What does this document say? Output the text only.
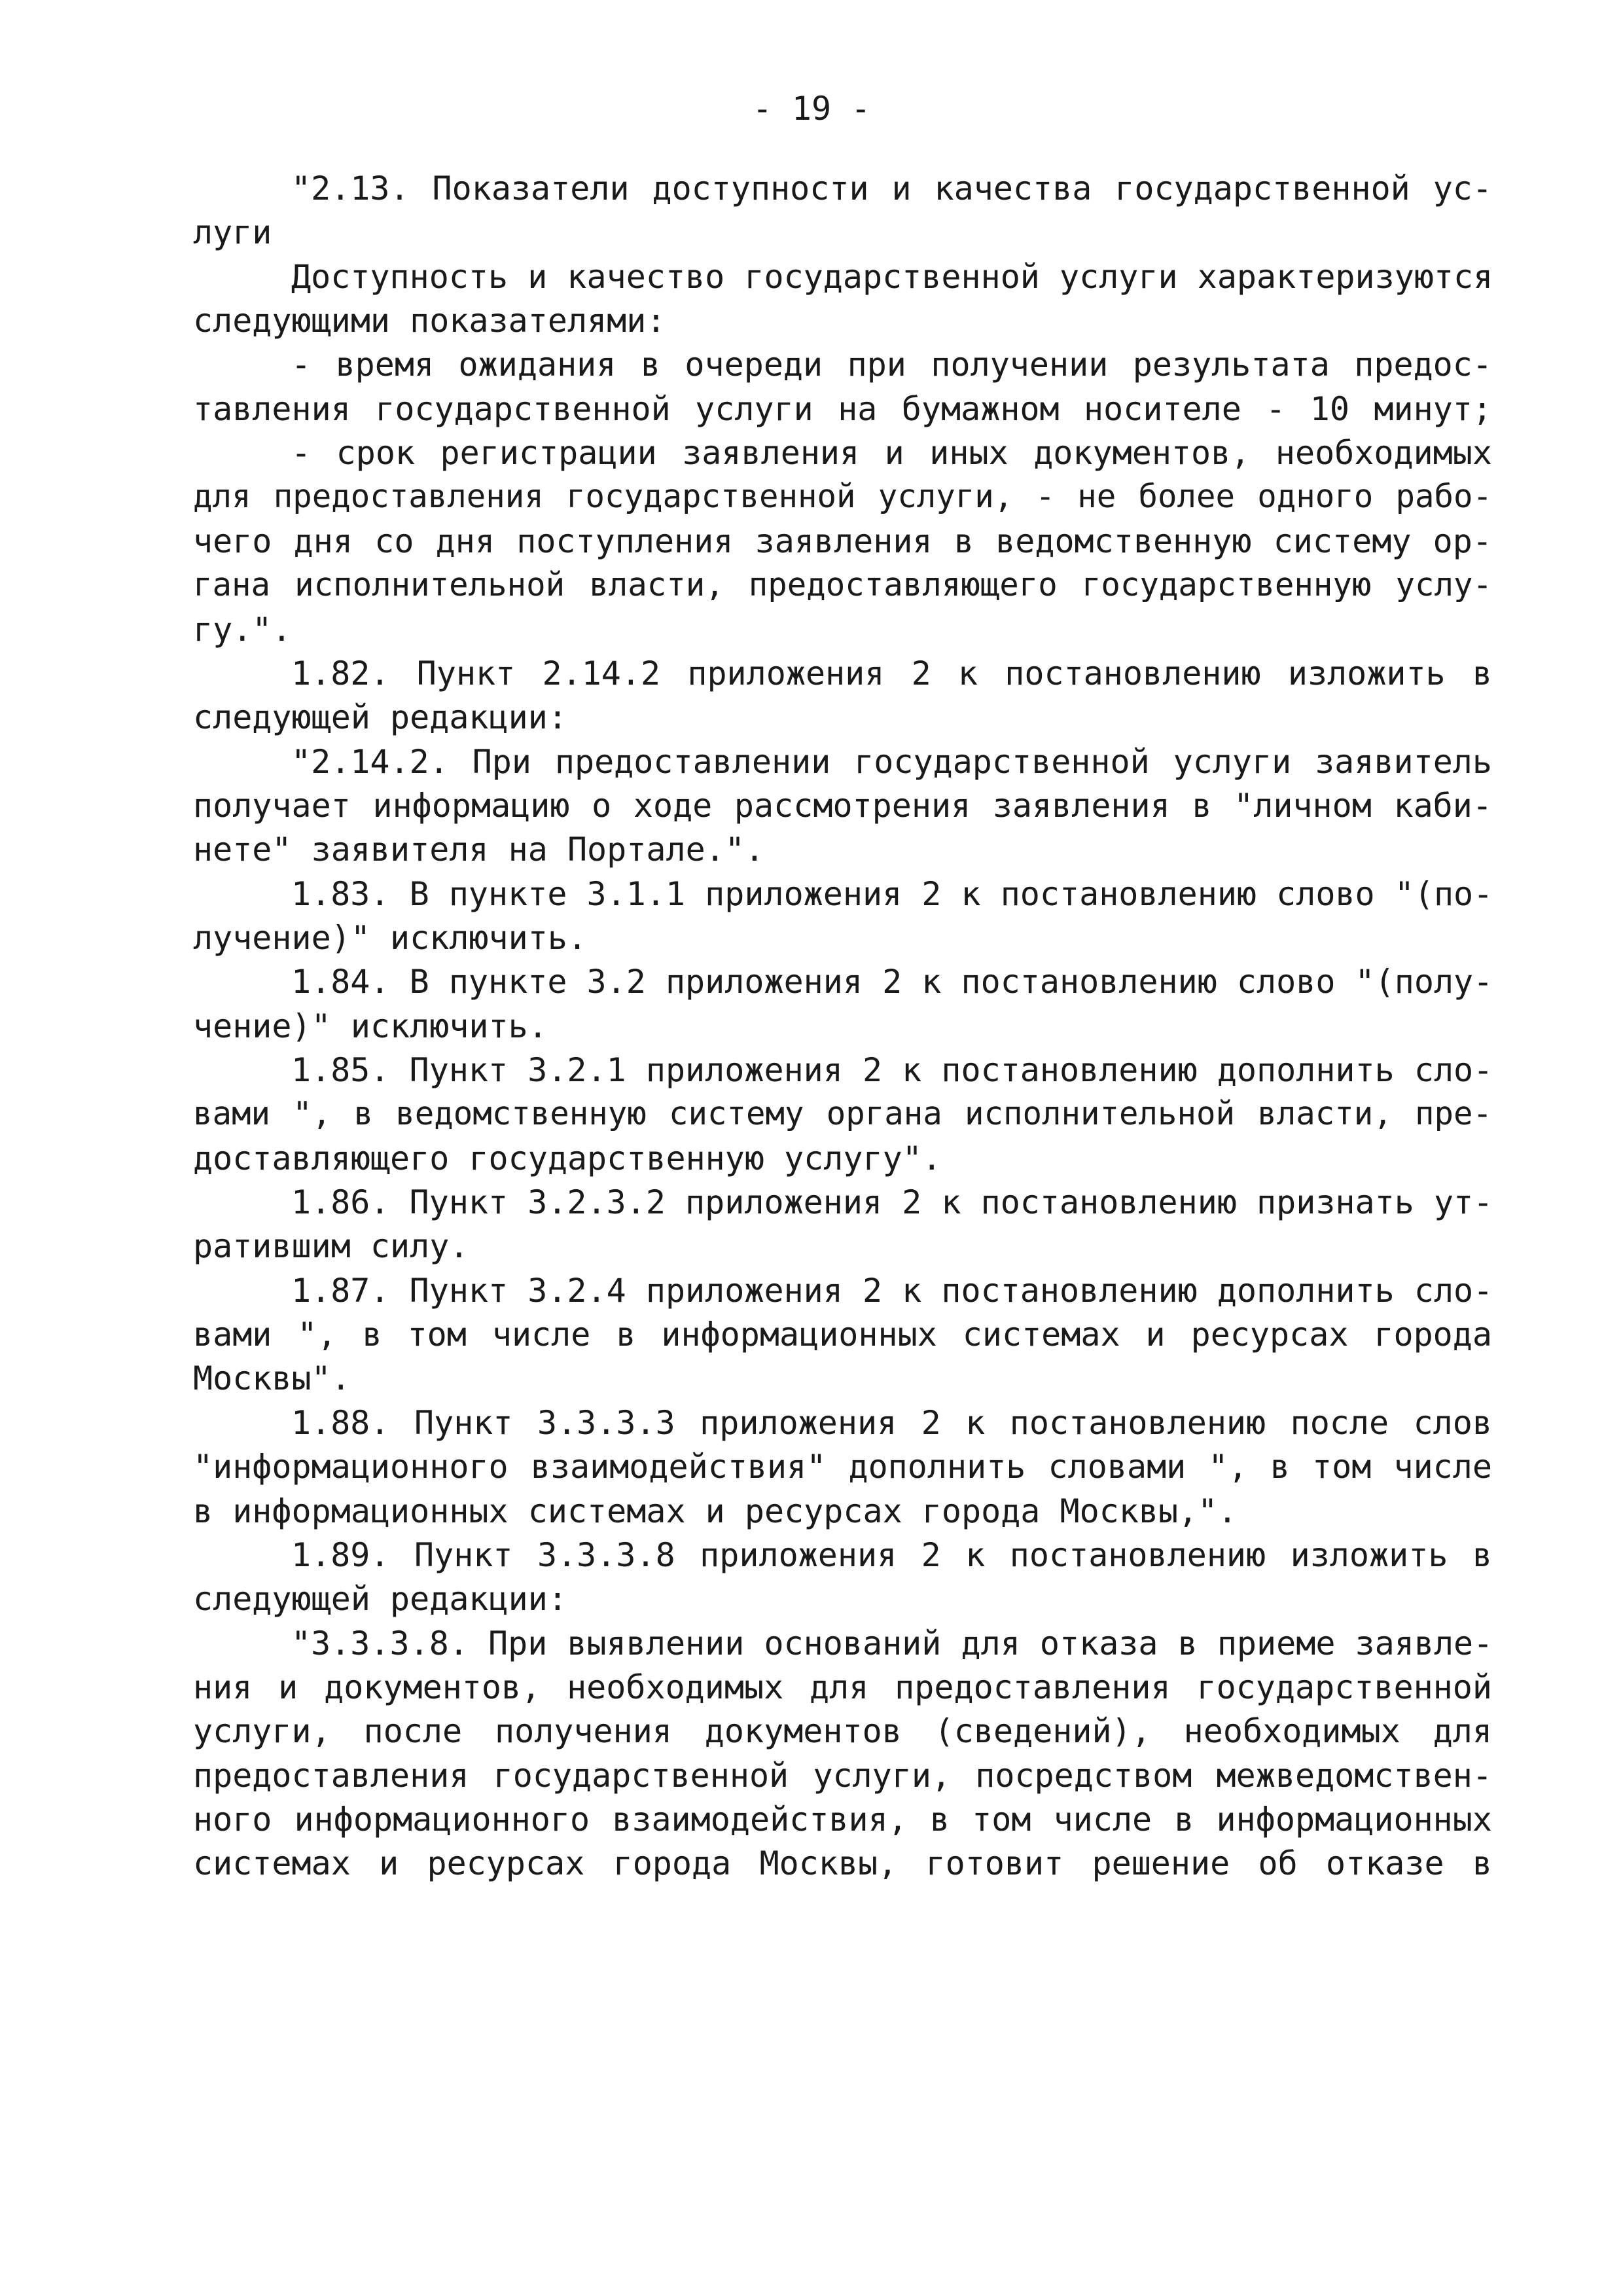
- 19 -
"2.13. Показатели доступности и качества государственной ус-
луги
Доступность и качество государственной услуги характеризуются
следующими показателями:
- время ожидания в очереди при получении результата предос-
тавления государственной услуги на бумажном носителе - 10 минут;
- срок регистрации заявления и иных документов, необходимых
для предоставления государственной услуги, - не более одного рабо-
чего дня со дня поступления заявления в ведомственную систему ор-
гана исполнительной власти, предоставляющего государственную услу-
гу.".
1.82. Пункт 2.14.2 приложения 2 к постановлению изложить в
следующей редакции:
"2.14.2. При предоставлении государственной услуги заявитель
получает информацию о ходе рассмотрения заявления в "личном каби-
нете" заявителя на Портале.".
1.83. В пункте 3.1.1 приложения 2 к постановлению слово "(по-
лучение)" исключить.
1.84. В пункте 3.2 приложения 2 к постановлению слово "(полу-
чение)" исключить.
1.85. Пункт 3.2.1 приложения 2 к постановлению дополнить сло-
вами ", в ведомственную систему органа исполнительной власти, пре-
доставляющего государственную услугу".
1.86. Пункт 3.2.3.2 приложения 2 к постановлению признать ут-
ратившим силу.
1.87. Пункт 3.2.4 приложения 2 к постановлению дополнить сло-
вами ", в том числе в информационных системах и ресурсах города
Москвы".
1.88. Пункт 3.3.3.3 приложения 2 к постановлению после слов
"информационного взаимодействия" дополнить словами ", в том числе
в информационных системах и ресурсах города Москвы,".
1.89. Пункт 3.3.3.8 приложения 2 к постановлению изложить в
следующей редакции:
"3.3.3.8. При выявлении оснований для отказа в приеме заявле-
ния и документов, необходимых для предоставления государственной
услуги, после получения документов (сведений), необходимых для
предоставления государственной услуги, посредством межведомствен-
ного информационного взаимодействия, в том числе в информационных
системах и ресурсах города Москвы, готовит решение об отказе в
